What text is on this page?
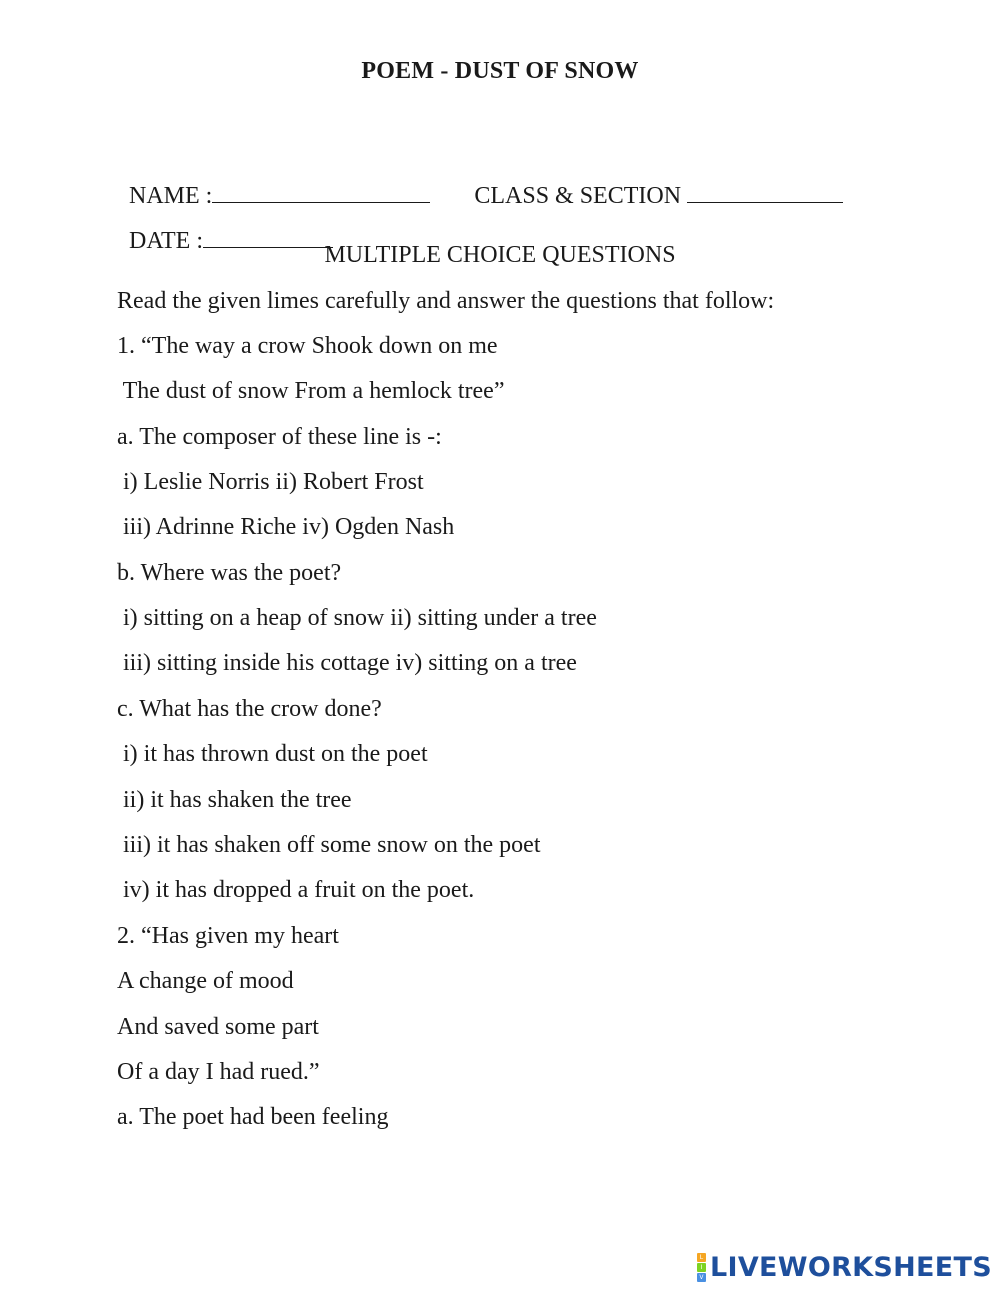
POEM - DUST OF SNOW

NAME :	CLASS & SECTION

DATE :

MULTIPLE CHOICE QUESTIONS
Read the given limes carefully and answer the questions that follow:
1. “The way a crow Shook down on me
The dust of snow From a hemlock tree”
a. The composer of these line is -:
i) Leslie Norris ii) Robert Frost
iii) Adrinne Riche iv) Ogden Nash
b. Where was the poet?
i) sitting on a heap of snow ii) sitting under a tree
iii) sitting inside his cottage iv) sitting on a tree
c. What has the crow done?
i) it has thrown dust on the poet
ii) it has shaken the tree
iii) it has shaken off some snow on the poet
iv) it has dropped a fruit on the poet.
2. “Has given my heart
A change of mood
And saved some part
Of a day I had rued.”
a. The poet had been feeling
L
I
V LIVEWORKSHEETS
